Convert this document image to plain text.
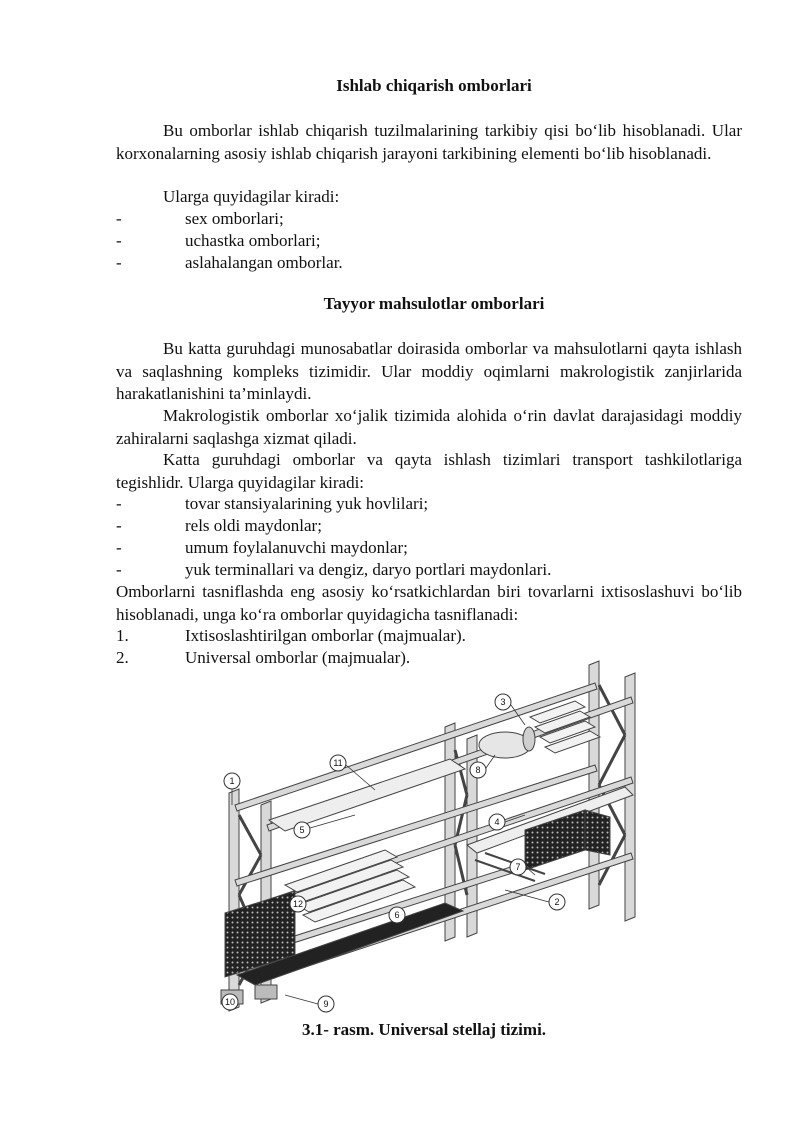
Ishlab chiqarish omborlari
Bu omborlar ishlab chiqarish tuzilmalarining tarkibiy qisi bo‘lib hisoblanadi. Ular korxonalarning asosiy ishlab chiqarish jarayoni tarkibining elementi bo‘lib hisoblanadi.
Ularga quyidagilar kiradi:
-	sex omborlari;
-	uchastka omborlari;
-	aslahalangan omborlar.
Tayyor mahsulotlar omborlari
Bu katta guruhdagi munosabatlar doirasida omborlar va mahsulotlarni qayta ishlash va saqlashning kompleks tizimidir. Ular moddiy oqimlarni makrologistik zanjirlarida harakatlanishini ta’minlaydi.
Makrologistik omborlar xo‘jalik tizimida alohida o‘rin davlat darajasidagi moddiy zahiralarni saqlashga xizmat qiladi.
Katta guruhdagi omborlar va qayta ishlash tizimlari transport tashkilotlariga tegishlidr. Ularga quyidagilar kiradi:
-	tovar stansiyalarining yuk hovlilari;
-	rels oldi maydonlar;
-	umum foylalanuvchi maydonlar;
-	yuk terminallari va dengiz, daryo portlari maydonlari.
Omborlarni tasniflashda eng asosiy ko‘rsatkichlardan biri tovarlarni ixtisoslashuvi bo‘lib hisoblanadi, unga ko‘ra omborlar quyidagicha tasniflanadi:
1.	Ixtisoslashtirilgan omborlar (majmualar).
2.	Universal omborlar (majmualar).
1
2
3
4
5
6
7
8
9
10
11
12
3.1- rasm. Universal stellaj tizimi.
